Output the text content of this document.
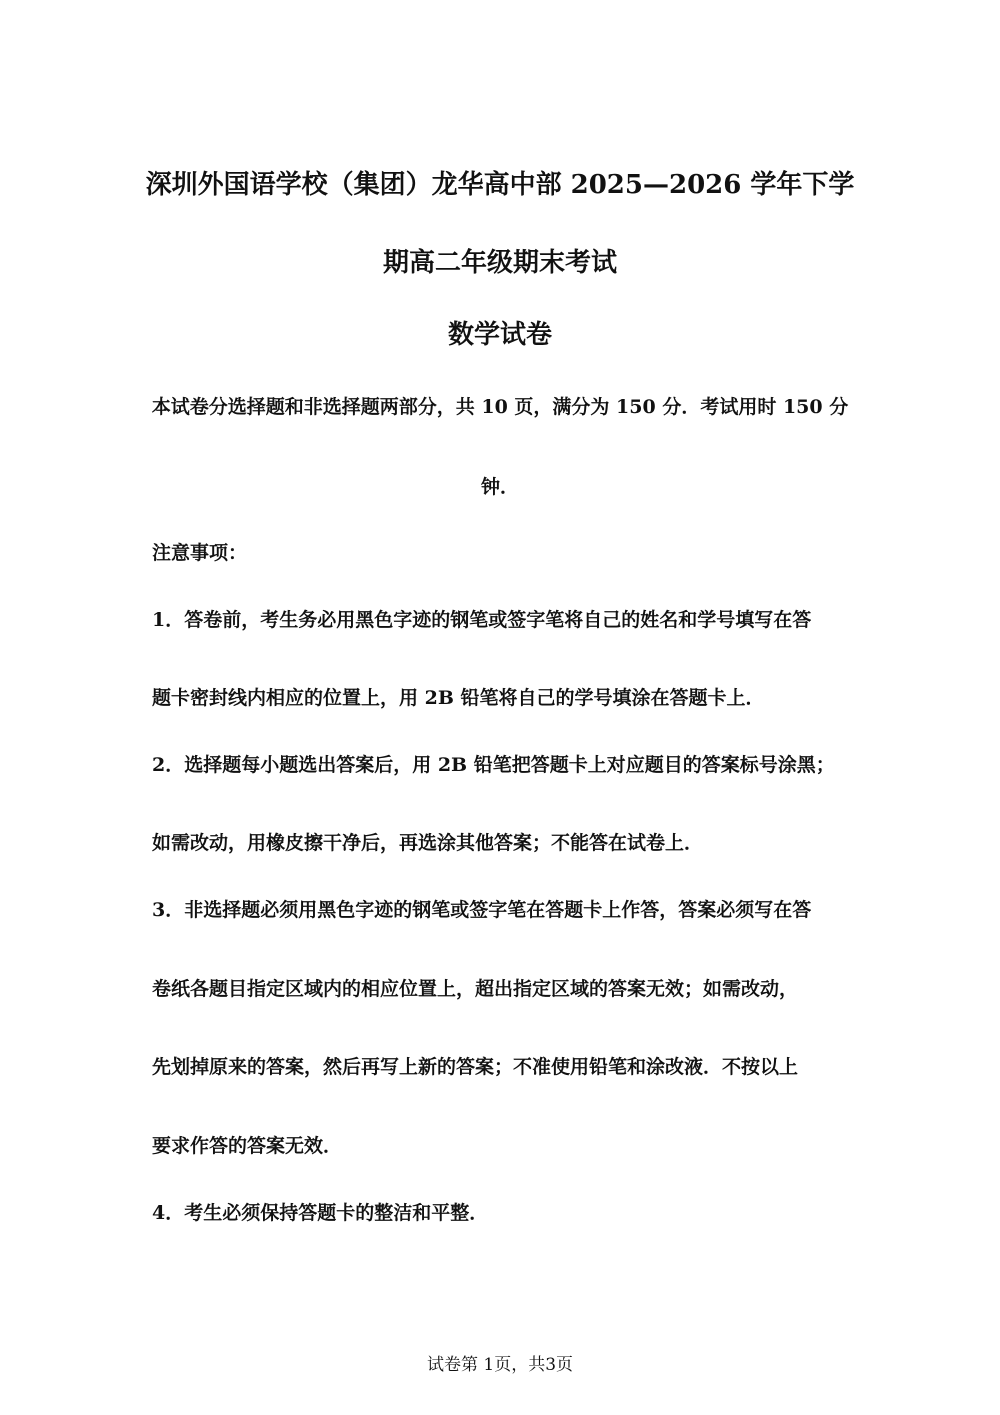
深圳外国语学校（集团）龙华高中部 2025—2026 学年下学
期高二年级期末考试
数学试卷
本试卷分选择题和非选择题两部分，共 10 页，满分为 150 分．考试用时 150 分
钟．
注意事项：
1．答卷前，考生务必用黑色字迹的钢笔或签字笔将自己的姓名和学号填写在答
题卡密封线内相应的位置上，用 2B 铅笔将自己的学号填涂在答题卡上．
2．选择题每小题选出答案后，用 2B 铅笔把答题卡上对应题目的答案标号涂黑；
如需改动，用橡皮擦干净后，再选涂其他答案；不能答在试卷上．
3．非选择题必须用黑色字迹的钢笔或签字笔在答题卡上作答，答案必须写在答
卷纸各题目指定区域内的相应位置上，超出指定区域的答案无效；如需改动，
先划掉原来的答案，然后再写上新的答案；不准使用铅笔和涂改液．不按以上
要求作答的答案无效．
4．考生必须保持答题卡的整洁和平整．
试卷第 1页，共3页
